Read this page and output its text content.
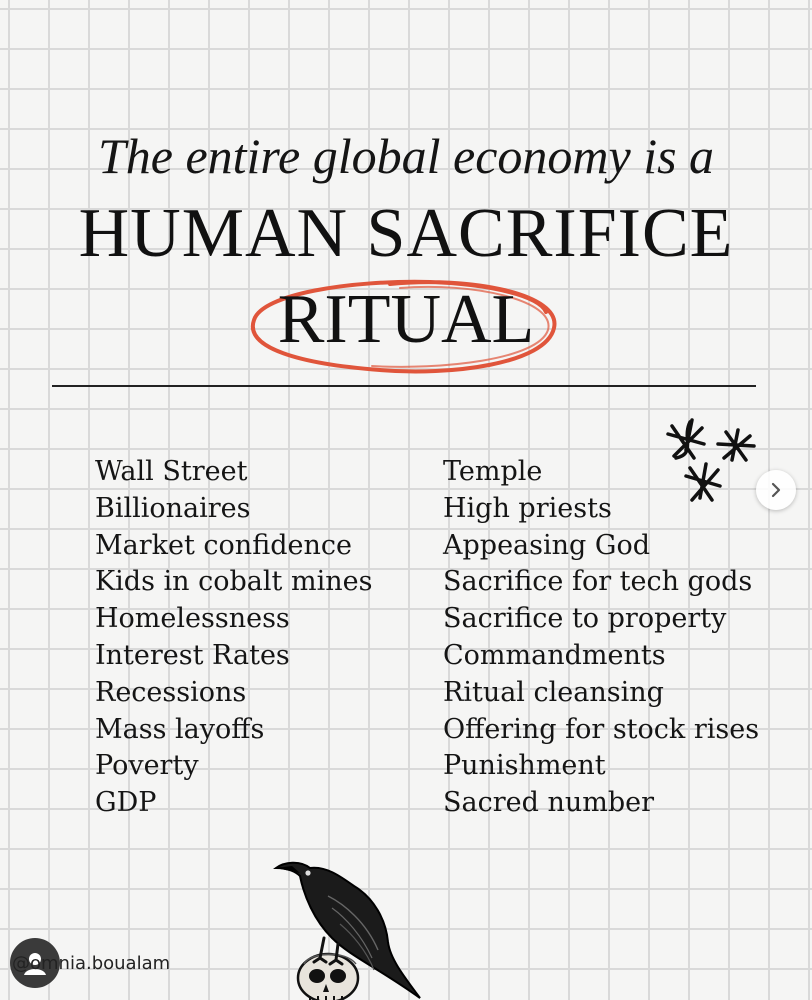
The entire global economy is a
HUMAN SACRIFICE
RITUAL
Wall Street
Billionaires
Market confidence
Kids in cobalt mines
Homelessness
Interest Rates
Recessions
Mass layoffs
Poverty
GDP
Temple
High priests
Appeasing God
Sacrifice for tech gods
Sacrifice to property
Commandments
Ritual cleansing
Offering for stock rises
Punishment
Sacred number
@omnia.boualam
